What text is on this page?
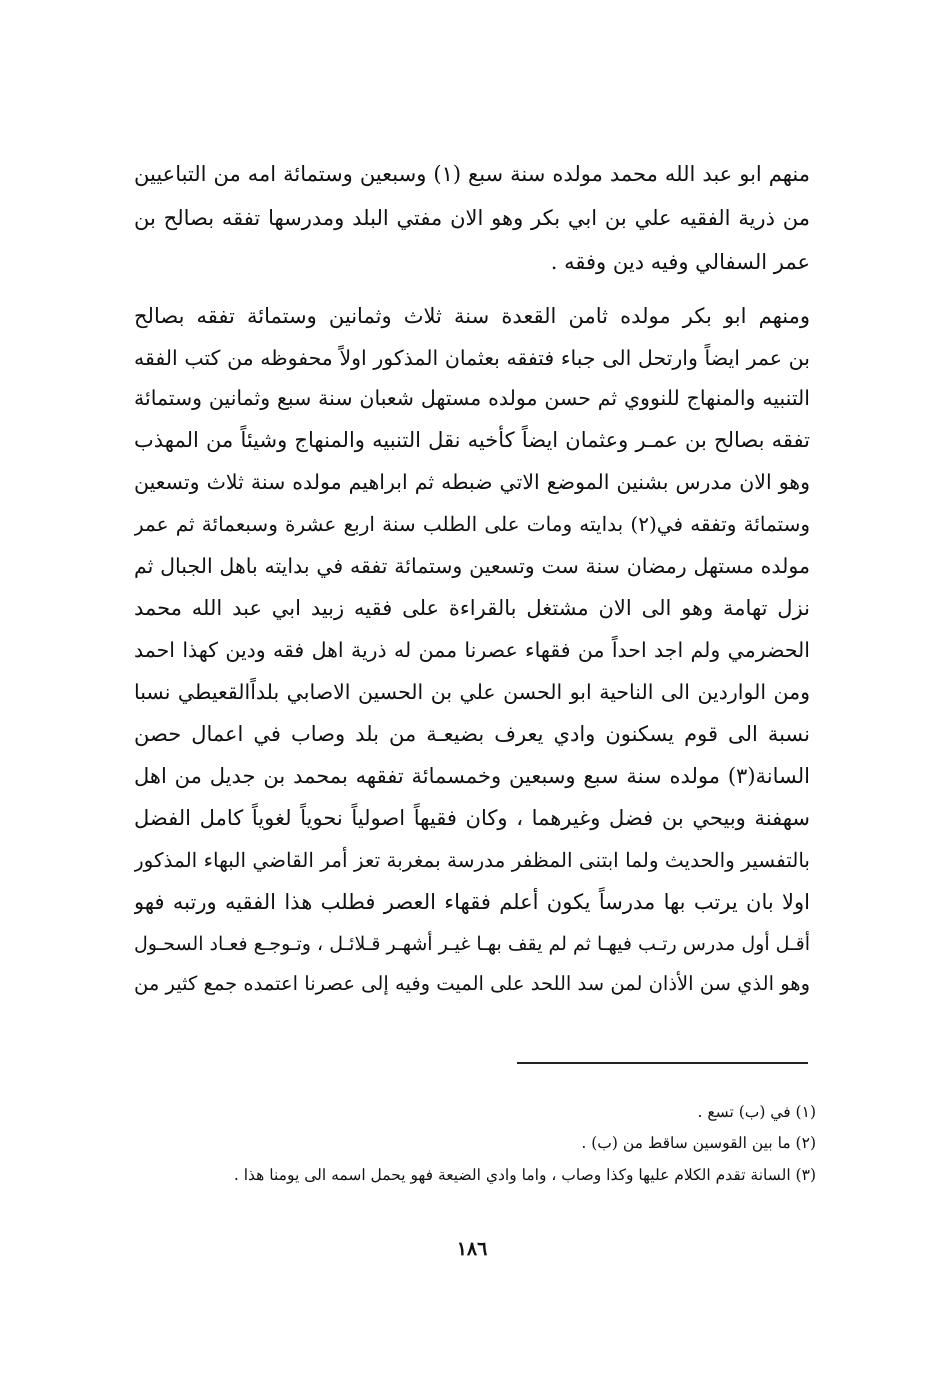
منهم ابو عبد الله محمد مولده سنة سبع (١) وسبعين وستمائة امه من التباعيين
من ذرية الفقيه علي بن ابي بكر وهو الان مفتي البلد ومدرسها تفقه بصالح بن
عمر السفالي وفيه دين وفقه .
ومنهم ابو بكر مولده ثامن القعدة سنة ثلاث وثمانين وستمائة تفقه بصالح
بن عمر ايضاً وارتحل الى جباء فتفقه بعثمان المذكور اولاً محفوظه من كتب الفقه
التنبيه والمنهاج للنووي ثم حسن مولده مستهل شعبان سنة سبع وثمانين وستمائة
تفقه بصالح بن عمـر وعثمان ايضاً كأخيه نقل التنبيه والمنهاج وشيئاً من المهذب
وهو الان مدرس بشنين الموضع الاتي ضبطه ثم ابراهيم مولده سنة ثلاث وتسعين
وستمائة وتفقه في(٢) بدايته ومات على الطلب سنة اربع عشرة وسبعمائة ثم عمر
مولده مستهل رمضان سنة ست وتسعين وستمائة تفقه في بدايته باهل الجبال ثم
نزل تهامة وهو الى الان مشتغل بالقراءة على فقيه زبيد ابي عبد الله محمد
الحضرمي ولم اجد احداً من فقهاء عصرنا ممن له ذرية اهل فقه ودين كهذا احمد
ومن الواردين الى الناحية ابو الحسن علي بن الحسين الاصابي بلداًالقعيطي نسبا
نسبة الى قوم يسكنون وادي يعرف بضيعـة من بلد وصاب في اعمال حصن
السانة(٣) مولده سنة سبع وسبعين وخمسمائة تفقهه بمحمد بن جديل من اهل
سهفنة وبيحي بن فضل وغيرهما ، وكان فقيهاً اصولياً نحوياً لغوياً كامل الفضل
بالتفسير والحديث ولما ابتنى المظفر مدرسة بمغربة تعز أمر القاضي البهاء المذكور
اولا بان يرتب بها مدرساً يكون أعلم فقهاء العصر فطلب هذا الفقيه ورتبه فهو
أقـل أول مدرس رتـب فيهـا ثم لم يقف بهـا غيـر أشهـر قـلائـل ، وتـوجـع فعـاد السحـول
وهو الذي سن الأذان لمن سد اللحد على الميت وفيه إلى عصرنا اعتمده جمع كثير من
(١) في (ب) تسع .
(٢) ما بين القوسين ساقط من (ب) .
(٣) السانة تقدم الكلام عليها وكذا وصاب ، واما وادي الضيعة فهو يحمل اسمه الى يومنا هذا .
١٨٦
